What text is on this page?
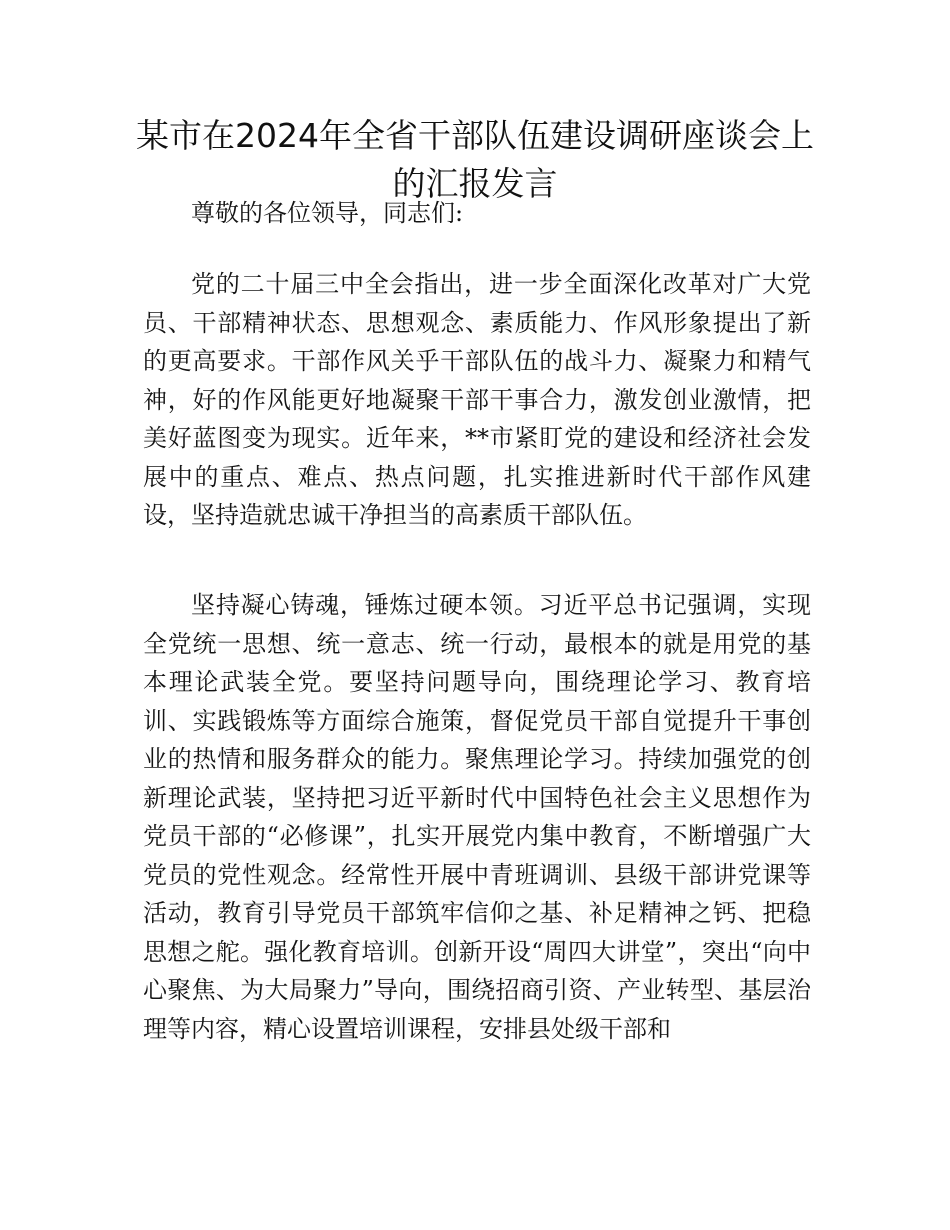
某市在2024年全省干部队伍建设调研座谈会上
的汇报发言
尊敬的各位领导，同志们:

党的二十届三中全会指出，进一步全面深化改革对广大党员、干部精神状态、思想观念、素质能力、作风形象提出了新的更高要求。干部作风关乎干部队伍的战斗力、凝聚力和精气神，好的作风能更好地凝聚干部干事合力，激发创业激情，把美好蓝图变为现实。近年来，**市紧盯党的建设和经济社会发展中的重点、难点、热点问题，扎实推进新时代干部作风建设，坚持造就忠诚干净担当的高素质干部队伍。

坚持凝心铸魂，锤炼过硬本领。习近平总书记强调，实现全党统一思想、统一意志、统一行动，最根本的就是用党的基本理论武装全党。要坚持问题导向，围绕理论学习、教育培训、实践锻炼等方面综合施策，督促党员干部自觉提升干事创业的热情和服务群众的能力。聚焦理论学习。持续加强党的创新理论武装，坚持把习近平新时代中国特色社会主义思想作为党员干部的“必修课”，扎实开展党内集中教育，不断增强广大党员的党性观念。经常性开展中青班调训、县级干部讲党课等活动，教育引导党员干部筑牢信仰之基、补足精神之钙、把稳思想之舵。强化教育培训。创新开设“周四大讲堂”，突出“向中心聚焦、为大局聚力”导向，围绕招商引资、产业转型、基层治理等内容，精心设置培训课程，安排县处级干部和
